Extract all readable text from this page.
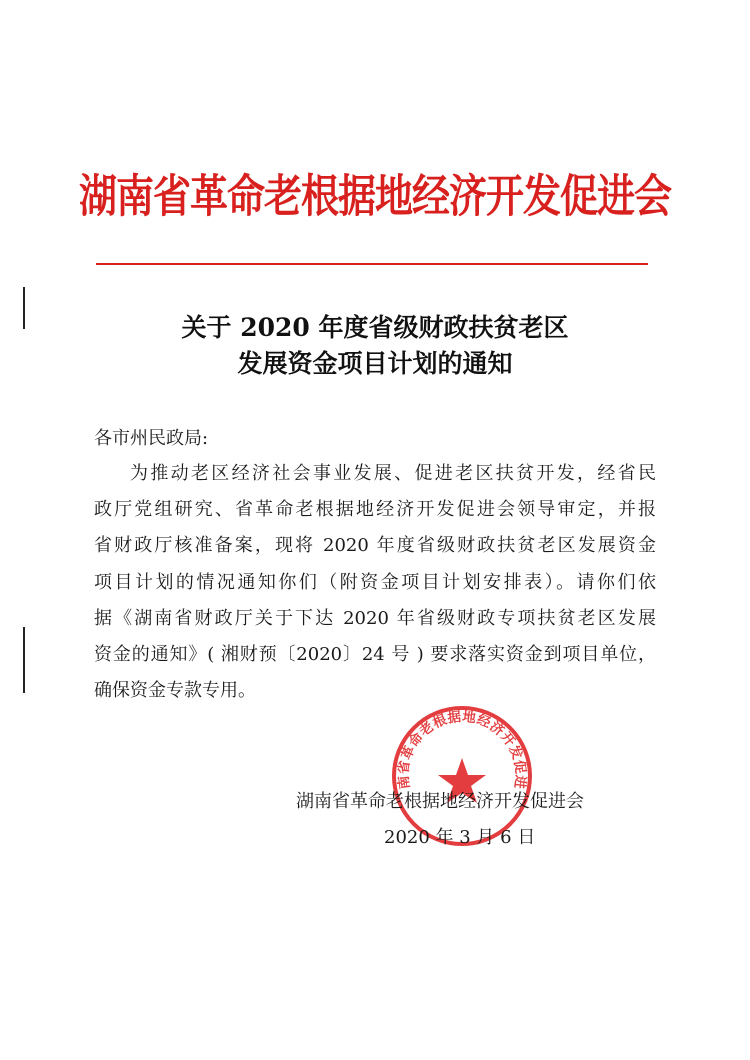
湖南省革命老根据地经济开发促进会
关于 2020 年度省级财政扶贫老区
发展资金项目计划的通知
各市州民政局:
为推动老区经济社会事业发展、促进老区扶贫开发，经省民
政厅党组研究、省革命老根据地经济开发促进会领导审定，并报
省财政厅核准备案，现将 2020 年度省级财政扶贫老区发展资金
项目计划的情况通知你们（附资金项目计划安排表）。请你们依
据《湖南省财政厅关于下达 2020 年省级财政专项扶贫老区发展
资金的通知》( 湘财预〔2020〕24 号 ) 要求落实资金到项目单位，
确保资金专款专用。
南省革命老根据地经济开发促进
湖南省革命老根据地经济开发促进会
2020 年 3 月 6 日
